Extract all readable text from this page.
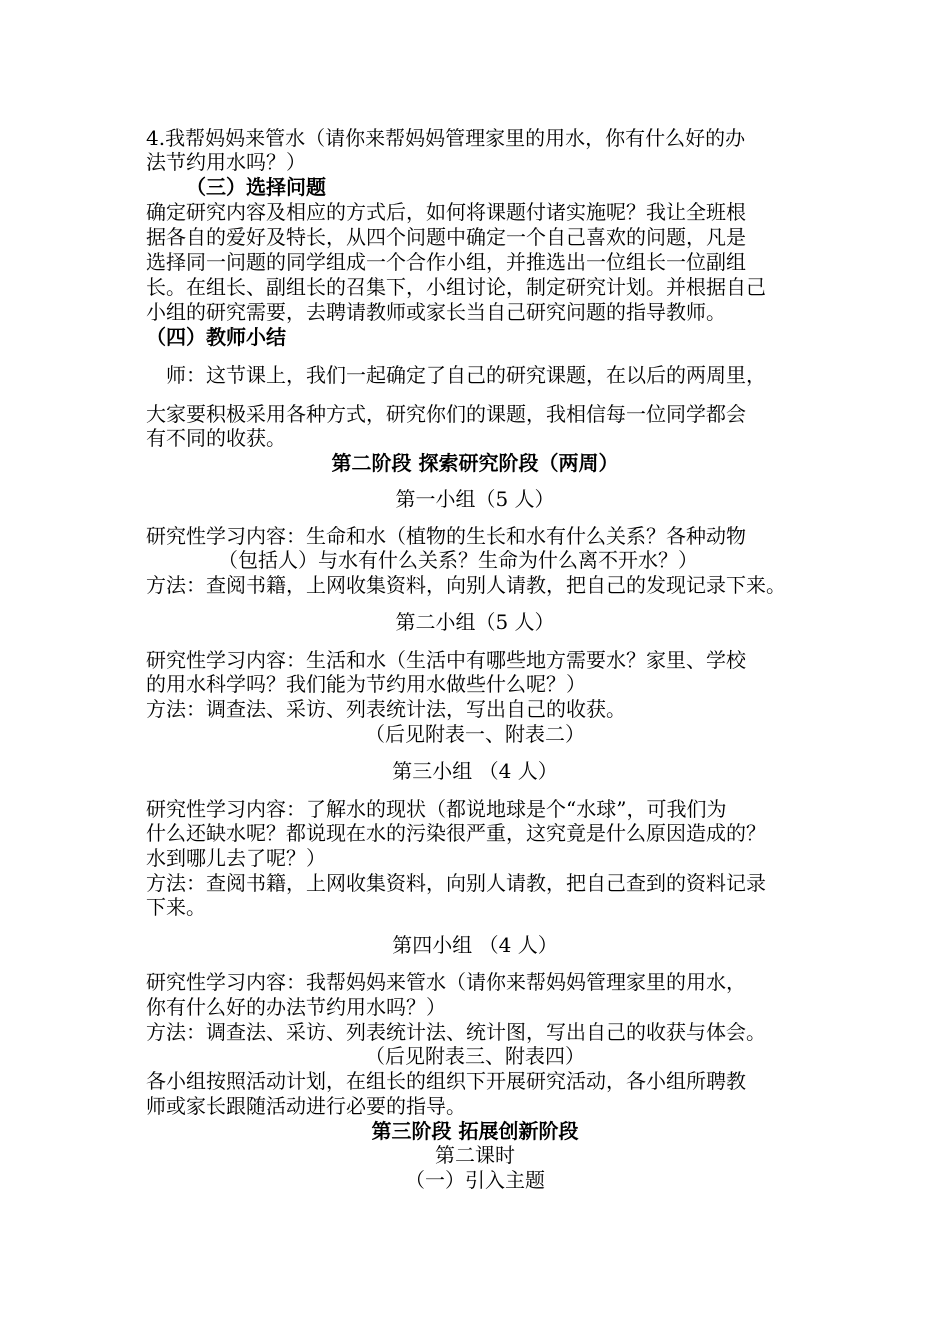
4.我帮妈妈来管水（请你来帮妈妈管理家里的用水，你有什么好的办
法节约用水吗？）
（三）选择问题
确定研究内容及相应的方式后，如何将课题付诸实施呢？我让全班根
据各自的爱好及特长，从四个问题中确定一个自己喜欢的问题，凡是
选择同一问题的同学组成一个合作小组，并推选出一位组长一位副组
长。在组长、副组长的召集下，小组讨论，制定研究计划。并根据自己
小组的研究需要，去聘请教师或家长当自己研究问题的指导教师。
（四）教师小结
师：这节课上，我们一起确定了自己的研究课题，在以后的两周里，
大家要积极采用各种方式，研究你们的课题，我相信每一位同学都会
有不同的收获。
第二阶段 探索研究阶段（两周）
第一小组（5 人）
研究性学习内容：生命和水（植物的生长和水有什么关系？各种动物
（包括人）与水有什么关系？生命为什么离不开水？）
方法：查阅书籍，上网收集资料，向别人请教，把自己的发现记录下来。
第二小组（5 人）
研究性学习内容：生活和水（生活中有哪些地方需要水？家里、学校
的用水科学吗？我们能为节约用水做些什么呢？）
方法：调查法、采访、列表统计法，写出自己的收获。
（后见附表一、附表二）
第三小组 （4 人）
研究性学习内容：了解水的现状（都说地球是个“水球”，可我们为
什么还缺水呢？都说现在水的污染很严重，这究竟是什么原因造成的？
水到哪儿去了呢？）
方法：查阅书籍，上网收集资料，向别人请教，把自己查到的资料记录
下来。
第四小组 （4 人）
研究性学习内容：我帮妈妈来管水（请你来帮妈妈管理家里的用水，
你有什么好的办法节约用水吗？）
方法：调查法、采访、列表统计法、统计图，写出自己的收获与体会。
（后见附表三、附表四）
各小组按照活动计划，在组长的组织下开展研究活动，各小组所聘教
师或家长跟随活动进行必要的指导。
第三阶段 拓展创新阶段
第二课时
（一）引入主题
